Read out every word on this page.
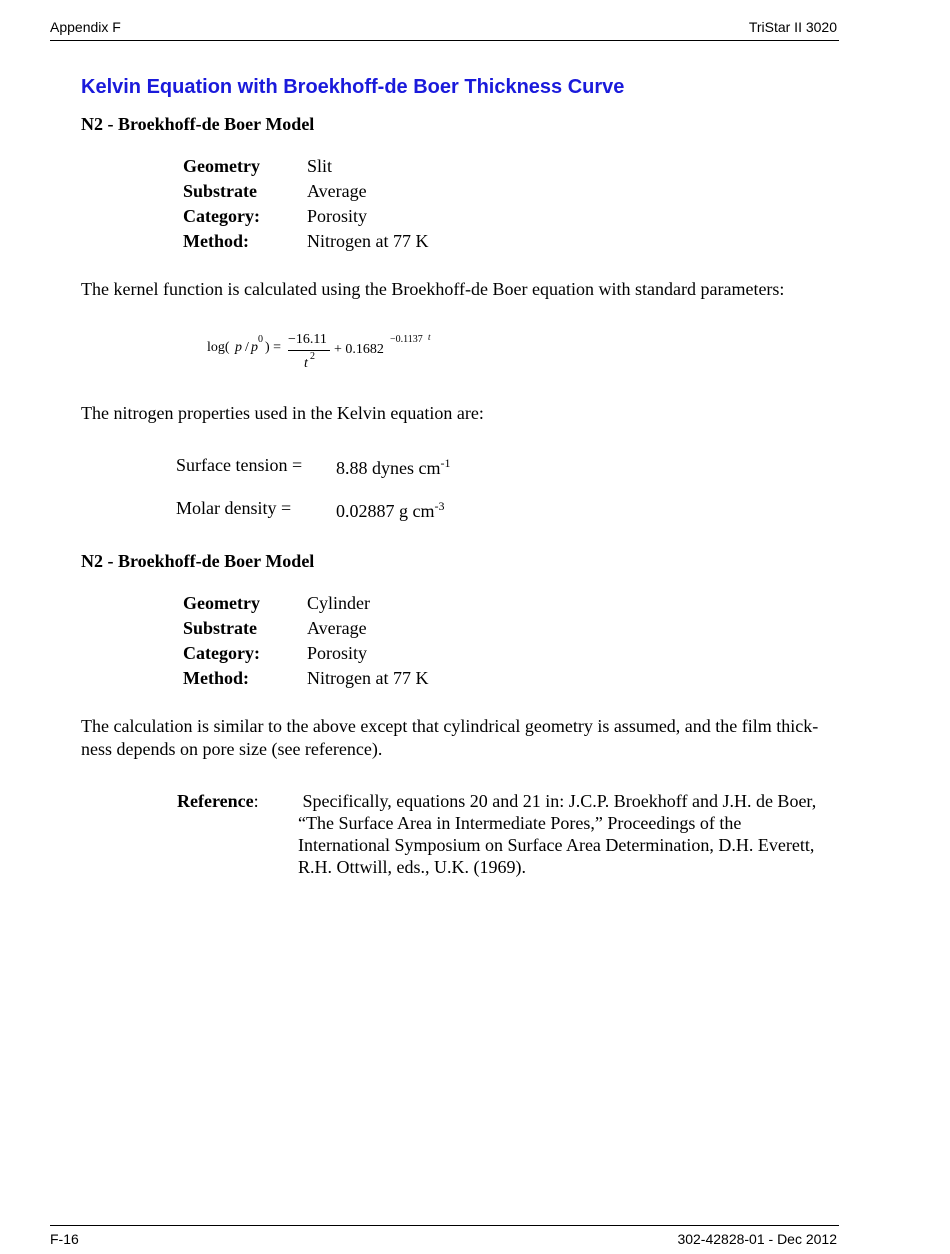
Appendix F	TriStar II 3020
Kelvin Equation with Broekhoff-de Boer Thickness Curve
N2 - Broekhoff-de Boer Model
Geometry	Slit
Substrate	Average
Category:	Porosity
Method:	Nitrogen at 77 K
The kernel function is calculated using the Broekhoff-de Boer equation with standard parameters:
log( p / p
0
) =
−16.11
t 2 + 0.1682
−0.1137 t
The nitrogen properties used in the Kelvin equation are:
Surface tension = 8.88 dynes $cm^{-1}$
Molar density = 0.02887 g $cm^{-3}$
N2 - Broekhoff-de Boer Model
Geometry	Cylinder
Substrate	Average
Category:	Porosity
Method:	Nitrogen at 77 K
The calculation is similar to the above except that cylindrical geometry is assumed, and the film thick-
ness depends on pore size (see reference).
Reference: Specifically, equations 20 and 21 in: J.C.P. Broekhoff and J.H. de Boer,
“The Surface Area in Intermediate Pores,” Proceedings of the
International Symposium on Surface Area Determination, D.H. Everett,
R.H. Ottwill, eds., U.K. (1969).
F-16	302-42828-01 - Dec 2012
